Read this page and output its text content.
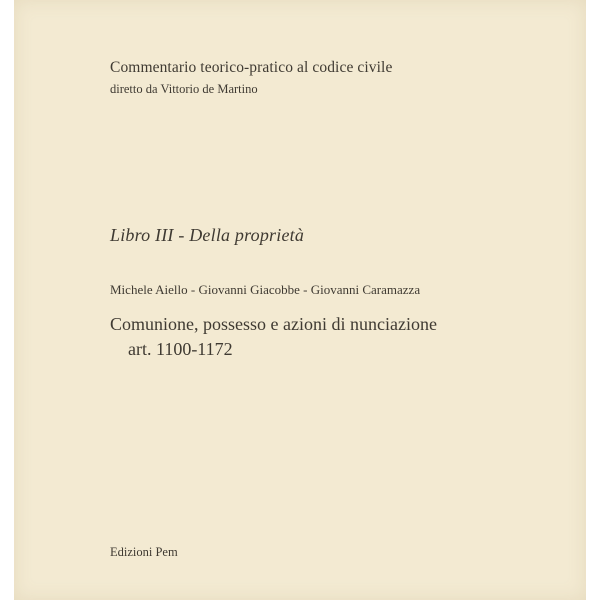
Commentario teorico-pratico al codice civile

diretto da Vittorio de Martino

Libro III - Della proprietà

Michele Aiello - Giovanni Giacobbe - Giovanni Caramazza

Comunione, possesso e azioni di nunciazione

art. 1100-1172

Edizioni Pem
